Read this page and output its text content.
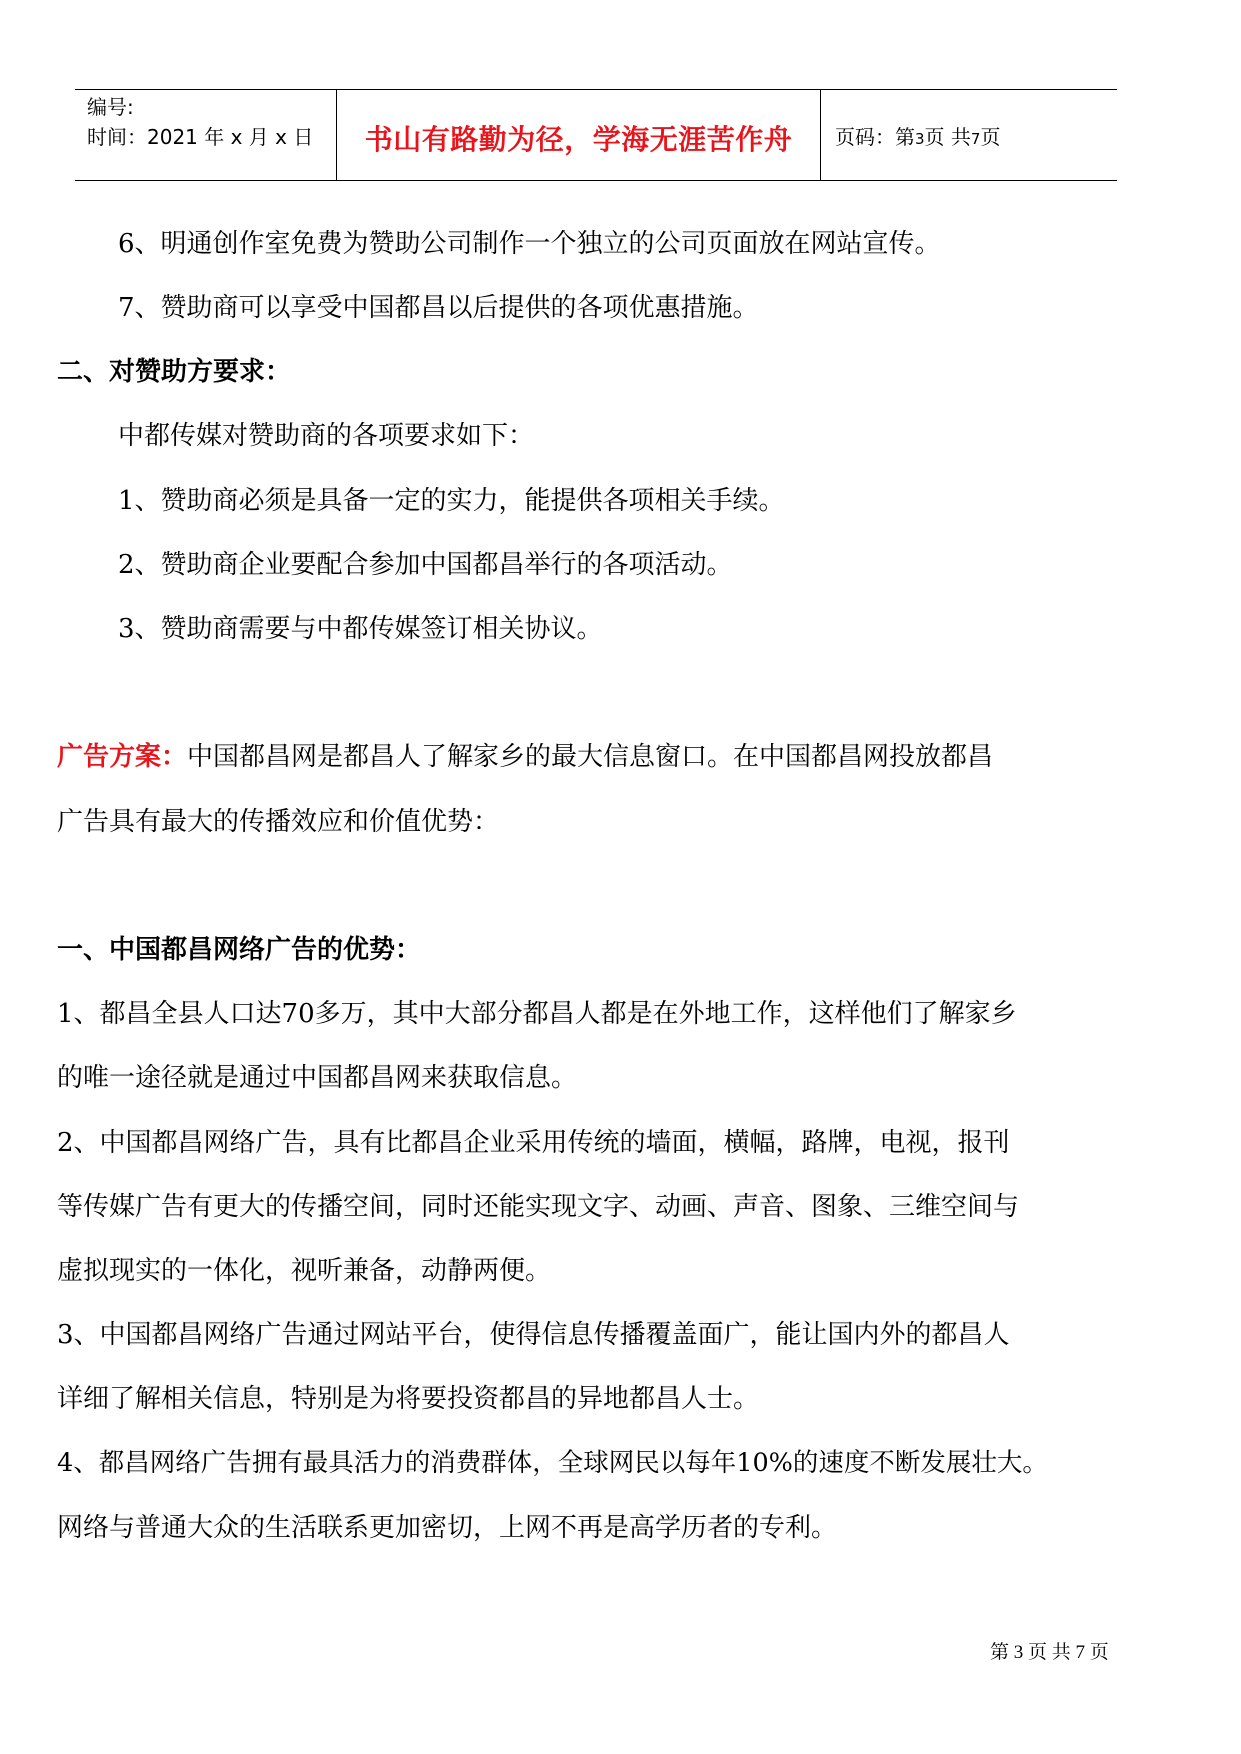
编号:
时间：2021 年 x 月 x 日	书山有路勤为径，学海无涯苦作舟	页码：第3页 共7页
6、明通创作室免费为赞助公司制作一个独立的公司页面放在网站宣传。
7、赞助商可以享受中国都昌以后提供的各项优惠措施。
二、对赞助方要求：
中都传媒对赞助商的各项要求如下：
1、赞助商必须是具备一定的实力，能提供各项相关手续。
2、赞助商企业要配合参加中国都昌举行的各项活动。
3、赞助商需要与中都传媒签订相关协议。
广告方案：中国都昌网是都昌人了解家乡的最大信息窗口。在中国都昌网投放都昌
广告具有最大的传播效应和价值优势：
一、中国都昌网络广告的优势：
1、都昌全县人口达70多万，其中大部分都昌人都是在外地工作，这样他们了解家乡
的唯一途径就是通过中国都昌网来获取信息。
2、中国都昌网络广告，具有比都昌企业采用传统的墙面，横幅，路牌，电视，报刊
等传媒广告有更大的传播空间，同时还能实现文字、动画、声音、图象、三维空间与
虚拟现实的一体化，视听兼备，动静两便。
3、中国都昌网络广告通过网站平台，使得信息传播覆盖面广，能让国内外的都昌人
详细了解相关信息，特别是为将要投资都昌的异地都昌人士。
4、都昌网络广告拥有最具活力的消费群体，全球网民以每年10%的速度不断发展壮大。
网络与普通大众的生活联系更加密切，上网不再是高学历者的专利。
第 3 页 共 7 页
